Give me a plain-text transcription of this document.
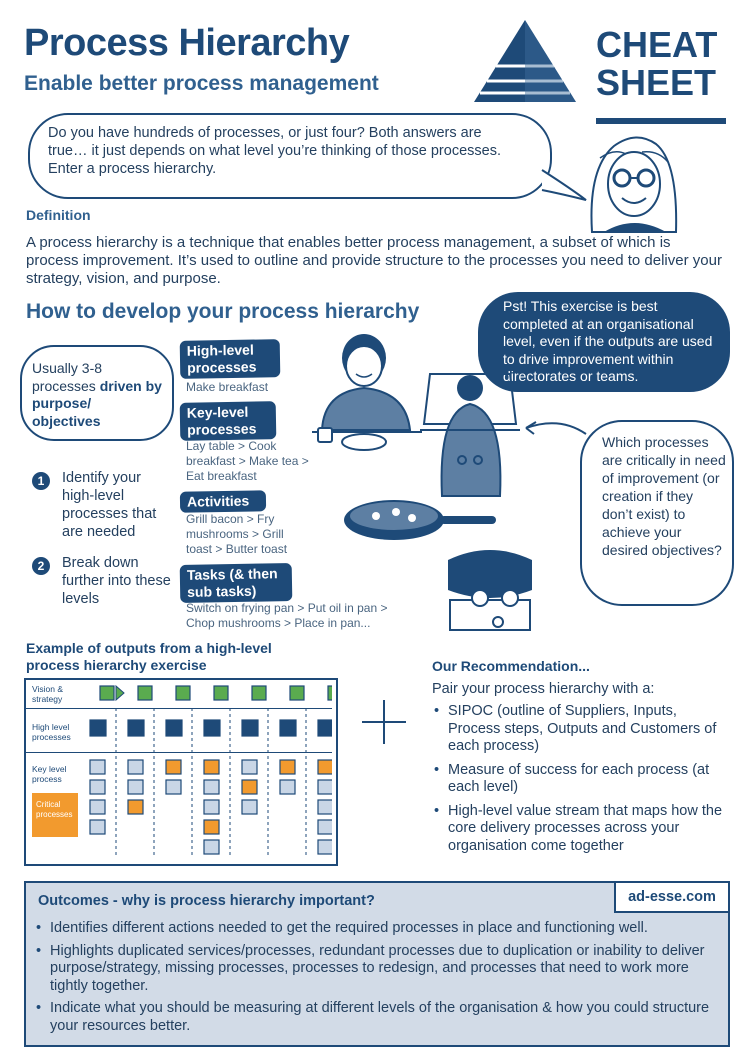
Process Hierarchy
Enable better process management
CHEAT
SHEET
Do you have hundreds of processes, or just four? Both answers are true… it just depends on what level you’re thinking of those processes. Enter a process hierarchy.
Definition
A process hierarchy is a technique that enables better process management, a subset of which is process improvement. It’s used to outline and provide structure to the processes you need to deliver your strategy, vision, and purpose.
How to develop your process hierarchy	Pst! This exercise is best completed at an organisational level, even if the outputs are used to drive improvement within directorates or teams.
Usually 3-8 processes driven by purpose/ objectives
1	Identify your high-level processes that are needed
2	Break down further into these levels
High-level processes
Make breakfast
Key-level processes
Lay table > Cook breakfast > Make tea > Eat breakfast
Activities
Grill bacon > Fry mushrooms > Grill toast > Butter toast
Tasks (& then sub tasks)
Switch on frying pan > Put oil in pan > Chop mushrooms > Place in pan...
Which processes are critically in need of improvement (or creation if they don’t exist) to achieve your desired objectives?
Example of outputs from a high-level process hierarchy exercise
Vision & strategy
High level processes
Key level process
Critical processes
Our Recommendation...
Pair your process hierarchy with a:
• SIPOC (outline of Suppliers, Inputs, Process steps, Outputs and Customers of each process)
• Measure of success for each process (at each level)
• High-level value stream that maps how the core delivery processes across your organisation come together
ad-esse.com
Outcomes - why is process hierarchy important?
• Identifies different actions needed to get the required processes in place and functioning well.
• Highlights duplicated services/processes, redundant processes due to duplication or inability to deliver purpose/strategy, missing processes, processes to redesign, and processes that need to work more tightly together.
• Indicate what you should be measuring at different levels of the organisation & how you could structure your resources better.
